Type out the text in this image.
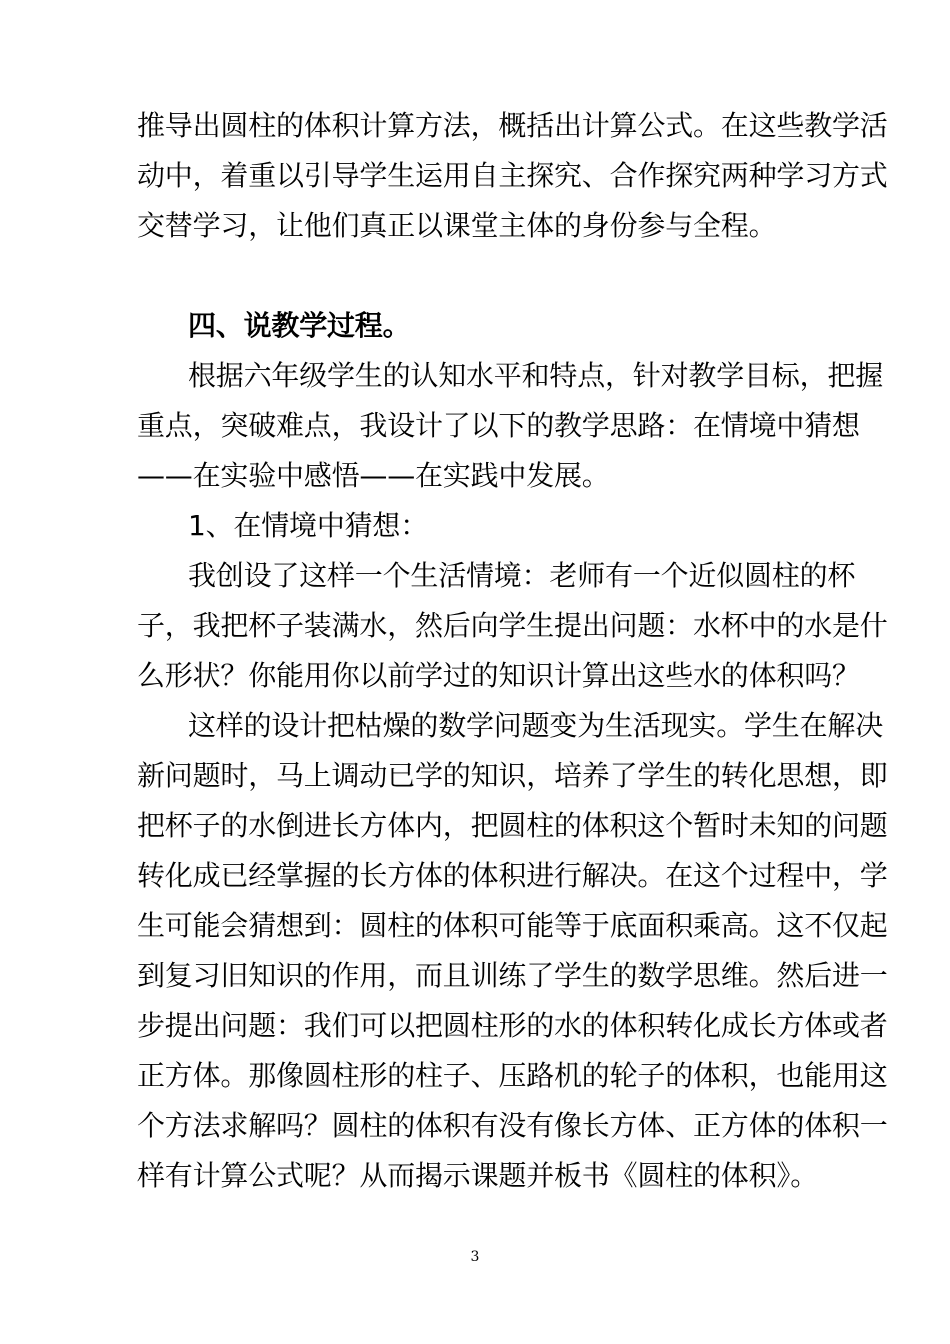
推导出圆柱的体积计算方法，概括出计算公式。在这些教学活
动中，着重以引导学生运用自主探究、合作探究两种学习方式
交替学习，让他们真正以课堂主体的身份参与全程。
四、说教学过程。
根据六年级学生的认知水平和特点，针对教学目标，把握
重点，突破难点，我设计了以下的教学思路：在情境中猜想
——在实验中感悟——在实践中发展。
1、在情境中猜想：
我创设了这样一个生活情境：老师有一个近似圆柱的杯
子，我把杯子装满水，然后向学生提出问题：水杯中的水是什
么形状？你能用你以前学过的知识计算出这些水的体积吗？
这样的设计把枯燥的数学问题变为生活现实。学生在解决
新问题时，马上调动已学的知识，培养了学生的转化思想，即
把杯子的水倒进长方体内，把圆柱的体积这个暂时未知的问题
转化成已经掌握的长方体的体积进行解决。在这个过程中，学
生可能会猜想到：圆柱的体积可能等于底面积乘高。这不仅起
到复习旧知识的作用，而且训练了学生的数学思维。然后进一
步提出问题：我们可以把圆柱形的水的体积转化成长方体或者
正方体。那像圆柱形的柱子、压路机的轮子的体积，也能用这
个方法求解吗？圆柱的体积有没有像长方体、正方体的体积一
样有计算公式呢？从而揭示课题并板书《圆柱的体积》。
3
